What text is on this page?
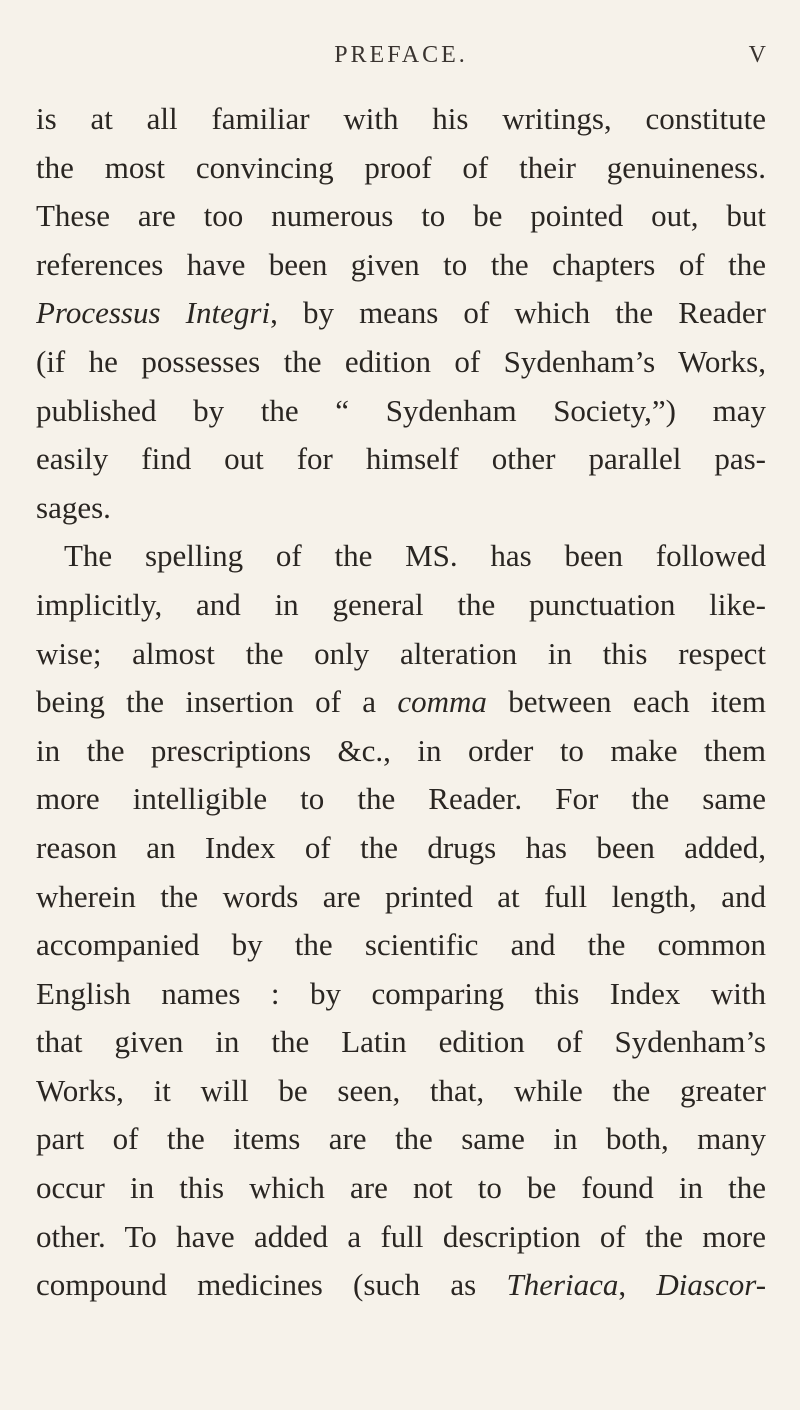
PREFACE.	V
is at all familiar with his writings, constitute
the most convincing proof of their genuineness.
These are too numerous to be pointed out, but
references have been given to the chapters of the
Processus Integri, by means of which the Reader
(if he possesses the edition of Sydenham’s Works,
published by the “ Sydenham Society,”) may
easily find out for himself other parallel pas-
sages.
The spelling of the MS. has been followed
implicitly, and in general the punctuation like-
wise; almost the only alteration in this respect
being the insertion of a comma between each item
in the prescriptions &c., in order to make them
more intelligible to the Reader. For the same
reason an Index of the drugs has been added,
wherein the words are printed at full length, and
accompanied by the scientific and the common
English names : by comparing this Index with
that given in the Latin edition of Sydenham’s
Works, it will be seen, that, while the greater
part of the items are the same in both, many
occur in this which are not to be found in the
other. To have added a full description of the more
compound medicines (such as Theriaca, Diascor-
